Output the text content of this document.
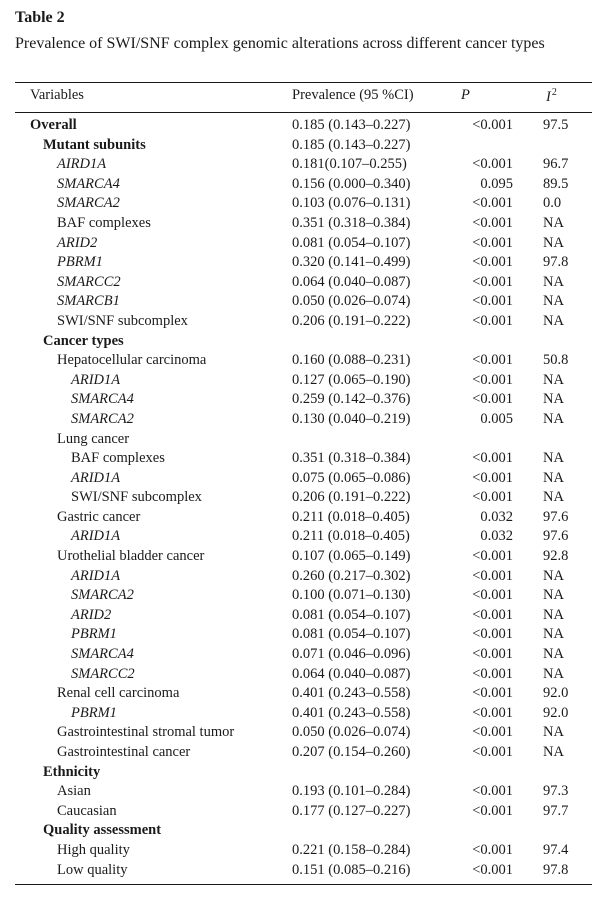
Table 2
Prevalence of SWI/SNF complex genomic alterations across different cancer types
Variables	Prevalence (95 %CI)	P	$I^2$
Overall	0.185 (0.143–0.227)	<0.001 97.5
Mutant subunits	0.185 (0.143–0.227)
AIRD1A	0.181(0.107–0.255)	<0.001 96.7
SMARCA4	0.156 (0.000–0.340)	0.095 89.5
SMARCA2	0.103 (0.076–0.131)	<0.001 0.0
BAF complexes	0.351 (0.318–0.384)	<0.001 NA
ARID2	0.081 (0.054–0.107)	<0.001 NA
PBRM1	0.320 (0.141–0.499)	<0.001 97.8
SMARCC2	0.064 (0.040–0.087)	<0.001 NA
SMARCB1	0.050 (0.026–0.074)	<0.001 NA
SWI/SNF subcomplex	0.206 (0.191–0.222)	<0.001 NA
Cancer types
Hepatocellular carcinoma	0.160 (0.088–0.231)	<0.001 50.8
ARID1A	0.127 (0.065–0.190)	<0.001 NA
SMARCA4	0.259 (0.142–0.376)	<0.001 NA
SMARCA2	0.130 (0.040–0.219)	0.005 NA
Lung cancer
BAF complexes	0.351 (0.318–0.384)	<0.001 NA
ARID1A	0.075 (0.065–0.086)	<0.001 NA
SWI/SNF subcomplex	0.206 (0.191–0.222)	<0.001 NA
Gastric cancer	0.211 (0.018–0.405)	0.032 97.6
ARID1A	0.211 (0.018–0.405)	0.032 97.6
Urothelial bladder cancer	0.107 (0.065–0.149)	<0.001 92.8
ARID1A	0.260 (0.217–0.302)	<0.001 NA
SMARCA2	0.100 (0.071–0.130)	<0.001 NA
ARID2	0.081 (0.054–0.107)	<0.001 NA
PBRM1	0.081 (0.054–0.107)	<0.001 NA
SMARCA4	0.071 (0.046–0.096)	<0.001 NA
SMARCC2	0.064 (0.040–0.087)	<0.001 NA
Renal cell carcinoma	0.401 (0.243–0.558)	<0.001 92.0
PBRM1	0.401 (0.243–0.558)	<0.001 92.0
Gastrointestinal stromal tumor	0.050 (0.026–0.074)	<0.001 NA
Gastrointestinal cancer	0.207 (0.154–0.260)	<0.001 NA
Ethnicity
Asian	0.193 (0.101–0.284)	<0.001 97.3
Caucasian	0.177 (0.127–0.227)	<0.001 97.7
Quality assessment
High quality	0.221 (0.158–0.284)	<0.001 97.4
Low quality	0.151 (0.085–0.216)	<0.001 97.8
